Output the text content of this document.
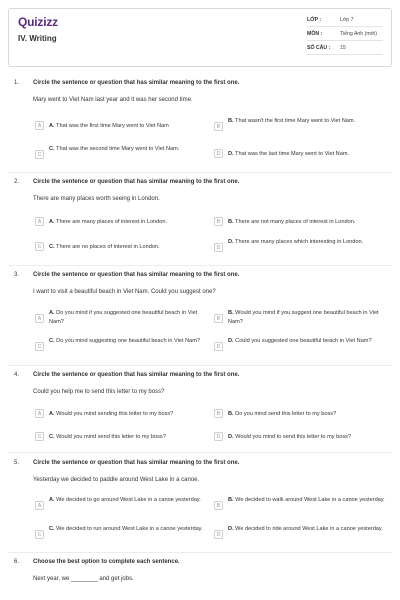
Quizizz
IV. Writing
LỚP :	Lớp 7
MÔN :	Tiếng Anh (mới)
SỐ CÂU :	15
1. Circle the sentence or question that has similar meaning to the first one.
Mary went to Viet Nam last year and it was her second time.
A	A. That was the first time Mary went to Viet Nam	B
B. That wasn't the first time Mary went to Viet Nam.
C
C. That was the second time Mary went to Viet Nam.
D	D. That was the last time Mary went to Viet Nam.
2. Circle the sentence or question that has similar meaning to the first one.
There are many places worth seeing in London.
A	A. There are many places of interest in London.	B	B. There are not many places of interest in London.
C	C. There are no places of interest in London.	D
D. There are many places which interesting in London.
3. Circle the sentence or question that has similar meaning to the first one.
I want to visit a beautiful beach in Viet Nam. Could you suggest one?
A
A. Do you mind if you suggested one beautiful beach in Viet Nam?
B
B. Would you mind if you suggest one beautiful beach in Viet Nam?
C
C. Do you mind suggesting one beautiful beach in Viet Nam?
D
D. Could you suggested one beautiful beach in Viet Nam?
4. Circle the sentence or question that has similar meaning to the first one.
Could you help me to send this letter to my boss?
A	A. Would you mind sending this letter to my boss?	B	B. Do you mind send this letter to my boss?
C	C. Would you mind send this letter to my boss?	D	D. Would you mind to send this letter to my boss?
5. Circle the sentence or question that has similar meaning to the first one.
Yesterday we decided to paddle around West Lake in a canoe.
A
A. We decided to go around West Lake in a canoe yesterday.
B
B. We decided to walk around West Lake in a canoe yesterday.
C
C. We decided to run around West Lake in a canoe yesterday.
D
D. We decided to ride around West Lake in a canoe yesterday.
6. Choose the best option to complete each sentence.
Next year, we ________ and get jobs.
